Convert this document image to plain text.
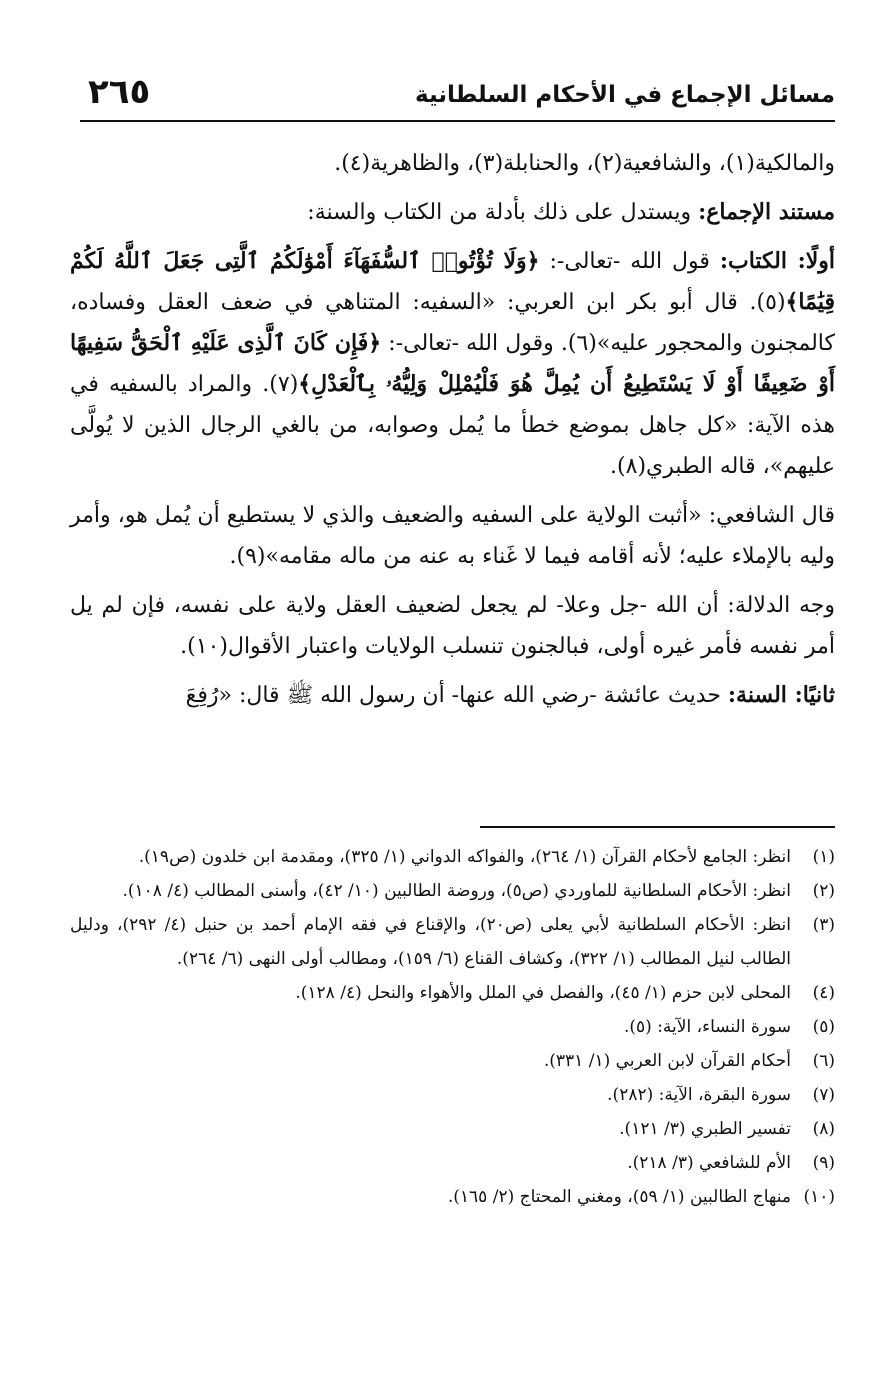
٢٦٥	مسائل الإجماع في الأحكام السلطانية

والمالكية(١)، والشافعية(٢)، والحنابلة(٣)، والظاهرية(٤).

مستند الإجماع: ويستدل على ذلك بأدلة من الكتاب والسنة:

أولًا: الكتاب: قول الله -تعالى-: ﴿وَلَا تُؤْتُوا۟ ٱلسُّفَهَآءَ أَمْوَٰلَكُمُ ٱلَّتِى جَعَلَ ٱللَّهُ لَكُمْ قِيَٰمًا﴾(٥). قال أبو بكر ابن العربي: «السفيه: المتناهي في ضعف العقل وفساده، كالمجنون والمحجور عليه»(٦). وقول الله -تعالى-: ﴿فَإِن كَانَ ٱلَّذِى عَلَيْهِ ٱلْحَقُّ سَفِيهًا أَوْ ضَعِيفًا أَوْ لَا يَسْتَطِيعُ أَن يُمِلَّ هُوَ فَلْيُمْلِلْ وَلِيُّهُۥ بِٱلْعَدْلِ﴾(٧). والمراد بالسفيه في هذه الآية: «كل جاهل بموضع خطأ ما يُمل وصوابه، من بالغي الرجال الذين لا يُولَّى عليهم»، قاله الطبري(٨).

قال الشافعي: «أثبت الولاية على السفيه والضعيف والذي لا يستطيع أن يُمل هو، وأمر وليه بالإملاء عليه؛ لأنه أقامه فيما لا غَناء به عنه من ماله مقامه»(٩).

وجه الدلالة: أن الله -جل وعلا- لم يجعل لضعيف العقل ولاية على نفسه، فإن لم يل أمر نفسه فأمر غيره أولى، فبالجنون تنسلب الولايات واعتبار الأقوال(١٠).

ثانيًا: السنة: حديث عائشة -رضي الله عنها- أن رسول الله ﷺ قال: «رُفِعَ

(١)
انظر: الجامع لأحكام القرآن (١/ ٢٦٤)، والفواكه الدواني (١/ ٣٢٥)، ومقدمة ابن خلدون (ص١٩).
(٢)
انظر: الأحكام السلطانية للماوردي (ص٥)، وروضة الطالبين (١٠/ ٤٢)، وأسنى المطالب (٤/ ١٠٨).
(٣)
انظر: الأحكام السلطانية لأبي يعلى (ص٢٠)، والإقناع في فقه الإمام أحمد بن حنبل (٤/ ٢٩٢)، ودليل الطالب لنيل المطالب (١/ ٣٢٢)، وكشاف القناع (٦/ ١٥٩)، ومطالب أولى النهى (٦/ ٢٦٤).
(٤)
المحلى لابن حزم (١/ ٤٥)، والفصل في الملل والأهواء والنحل (٤/ ١٢٨).
(٥)
سورة النساء، الآية: (٥).
(٦)
أحكام القرآن لابن العربي (١/ ٣٣١).
(٧)
سورة البقرة، الآية: (٢٨٢).
(٨)
تفسير الطبري (٣/ ١٢١).
(٩)
الأم للشافعي (٣/ ٢١٨).
(١٠)
منهاج الطالبين (١/ ٥٩)، ومغني المحتاج (٢/ ١٦٥).
